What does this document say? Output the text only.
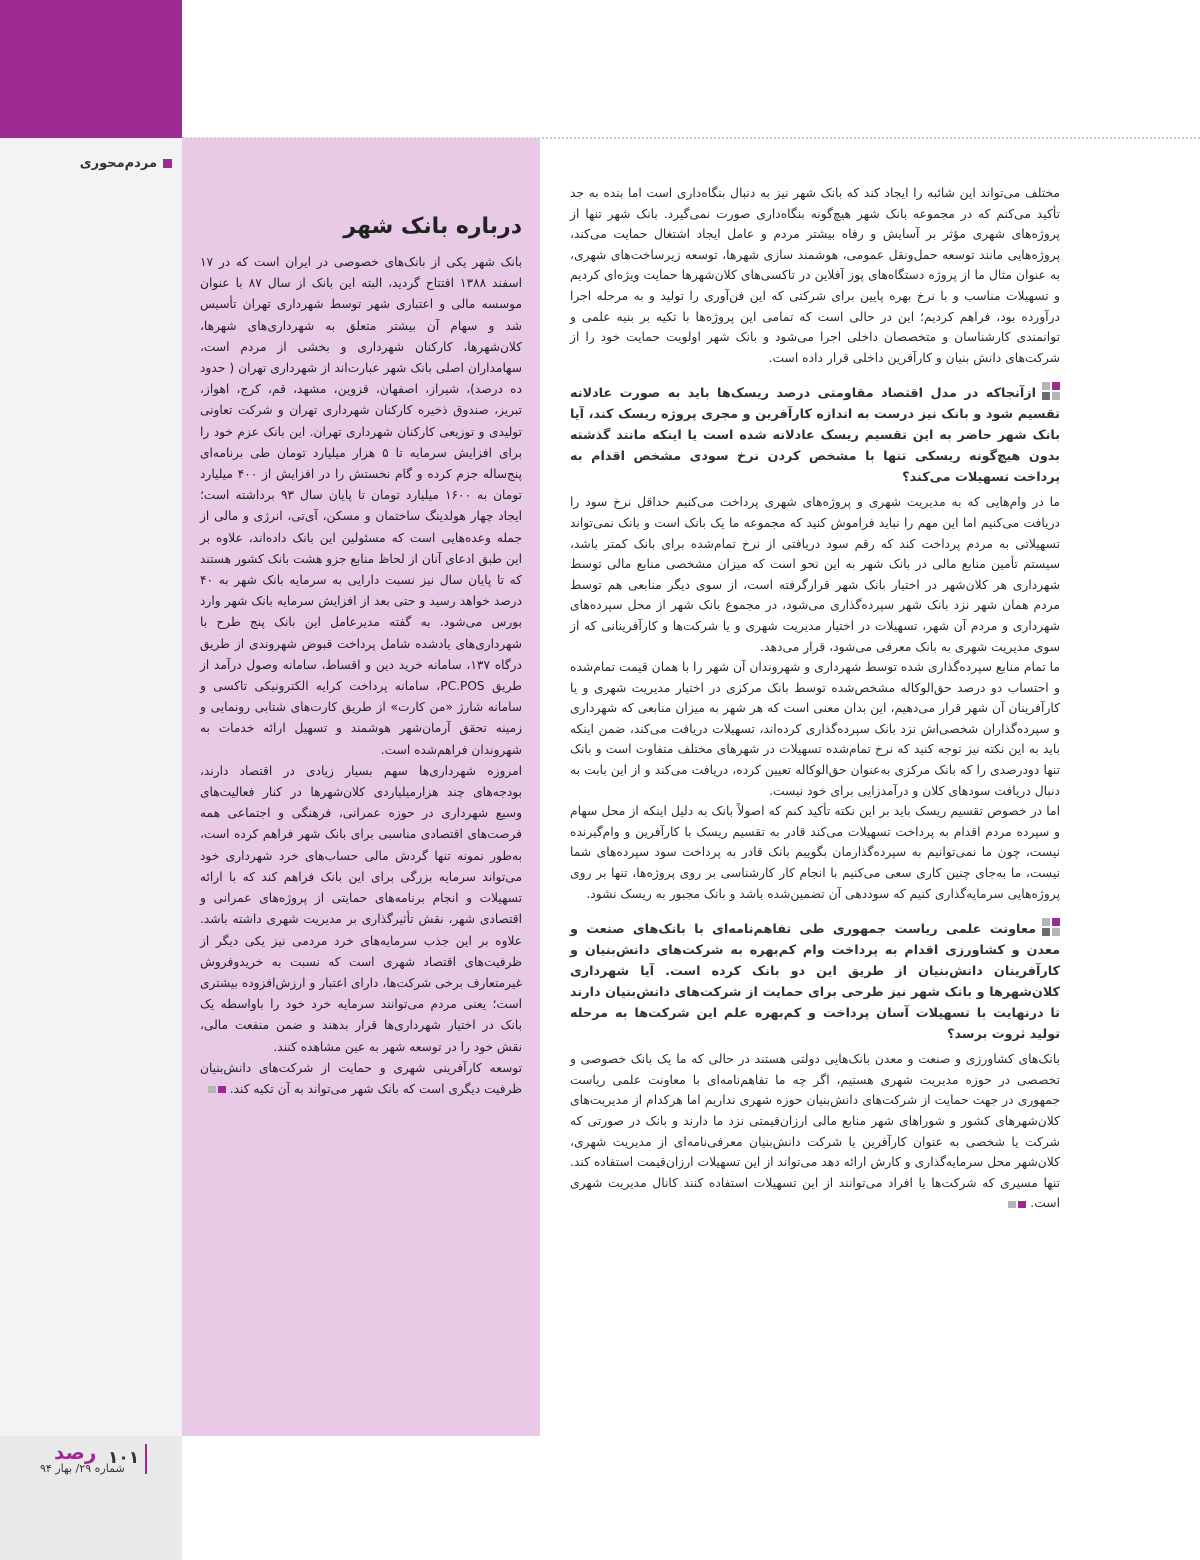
مردم‌محوری
درباره بانک شهر

بانک شهر یکی از بانک‌های خصوصی در ایران است که در ۱۷ اسفند ۱۳۸۸ افتتاح گردید، البته این بانک از سال ۸۷ با عنوان موسسه مالی و اعتباری شهر توسط شهرداری تهران تأسیس شد و سهام آن بیشتر متعلق به شهرداری‌های شهرها، کلان‌شهرها، کارکنان شهرداری و بخشی از مردم است، سهامداران اصلی بانک شهر عبارت‌اند از شهرداری تهران ( حدود ده درصد)، شیراز، اصفهان، قزوین، مشهد، قم، کرج، اهواز، تبریز، صندوق ذخیره کارکنان شهرداری تهران و شرکت تعاونی تولیدی و توزیعی کارکنان شهرداری تهران. این بانک عزم خود را برای افزایش سرمایه تا ۵ هزار میلیارد تومان طی برنامه‌ای پنج‌ساله جزم کرده و گام نخستش را در افزایش از ۴۰۰ میلیارد تومان به ۱۶۰۰ میلیارد تومان تا پایان سال ۹۳ برداشته است؛ ایجاد چهار هولدینگ ساختمان و مسکن، آی‌تی، انرژی و مالی از جمله وعده‌هایی است که مسئولین این بانک داده‌اند، علاوه بر این طبق ادعای آنان از لحاظ منابع جزو هشت بانک کشور هستند که تا پایان سال نیز نسبت دارایی به سرمایه بانک شهر به ۴۰ درصد خواهد رسید و حتی بعد از افزایش سرمایه بانک شهر وارد بورس می‌شود. به گفته مدیرعامل این بانک پنج طرح با شهرداری‌های یادشده شامل پرداخت قبوض شهروندی از طریق درگاه ۱۳۷، سامانه خرید دین و اقساط، سامانه وصول درآمد از طریق PC.POS، سامانه پرداخت کرایه الکترونیکی تاکسی و سامانه شارژ «من کارت» از طریق کارت‌های شتابی رونمایی و زمینه تحقق آرمان‌شهر هوشمند و تسهیل ارائه خدمات به شهروندان فراهم‌شده است.

امروزه شهرداری‌ها سهم بسیار زیادی در اقتصاد دارند، بودجه‌های چند هزارمیلیاردی کلان‌شهرها در کنار فعالیت‌های وسیع شهرداری در حوزه عمرانی، فرهنگی و اجتماعی همه فرصت‌های اقتصادی مناسبی برای بانک شهر فراهم کرده است، به‌طور نمونه تنها گردش مالی حساب‌های خرد شهرداری خود می‌تواند سرمایه بزرگی برای این بانک فراهم کند که با ارائه تسهیلات و انجام برنامه‌های حمایتی از پروژه‌های عمرانی و اقتصادی شهر، نقش تأثیرگذاری بر مدیریت شهری داشته باشد. علاوه بر این جذب سرمایه‌های خرد مردمی نیز یکی دیگر از ظرفیت‌های اقتصاد شهری است که نسبت به خریدوفروش غیرمتعارف برخی شرکت‌ها، دارای اعتبار و ارزش‌افزوده بیشتری است؛ یعنی مردم می‌توانند سرمایه خرد خود را باواسطه یک بانک در اختیار شهرداری‌ها قرار بدهند و ضمن منفعت مالی، نقش خود را در توسعه شهر به عین مشاهده کنند.

توسعه کارآفرینی شهری و حمایت از شرکت‌های دانش‌بنیان ظرفیت دیگری است که بانک شهر می‌تواند به آن تکیه کند.

مختلف می‌تواند این شائبه را ایجاد کند که بانک شهر نیز به دنبال بنگاه‌داری است اما بنده به جد تأکید می‌کنم که در مجموعه بانک شهر هیچ‌گونه بنگاه‌داری صورت نمی‌گیرد. بانک شهر تنها از پروژه‌های شهری مؤثر بر آسایش و رفاه بیشتر مردم و عامل ایجاد اشتغال حمایت می‌کند، پروژه‌هایی مانند توسعه حمل‌ونقل عمومی، هوشمند سازی شهرها، توسعه زیرساخت‌های شهری، به عنوان مثال ما از پروژه دستگاه‌های پوز آفلاین در تاکسی‌های کلان‌شهرها حمایت ویژه‌ای کردیم و تسهیلات مناسب و با نرخ بهره پایین برای شرکتی که این فن‌آوری را تولید و به مرحله اجرا درآورده بود، فراهم کردیم؛ این در حالی است که تمامی این پروژه‌ها با تکیه بر بنیه علمی و توانمندی کارشناسان و متخصصان داخلی اجرا می‌شود و بانک شهر اولویت حمایت خود را از شرکت‌های دانش بنیان و کارآفرین داخلی قرار داده است.

ازآنجاکه در مدل اقتصاد مقاومتی درصد ریسک‌ها باید به صورت عادلانه تقسیم شود و بانک نیز درست به اندازه کارآفرین و مجری پروژه ریسک کند، آیا بانک شهر حاضر به این تقسیم ریسک عادلانه شده است یا اینکه مانند گذشته بدون هیچ‌گونه ریسکی تنها با مشخص کردن نرخ سودی مشخص اقدام به پرداخت تسهیلات می‌کند؟

ما در وام‌هایی که به مدیریت شهری و پروژه‌های شهری پرداخت می‌کنیم حداقل نرخ سود را دریافت می‌کنیم اما این مهم را نباید فراموش کنید که مجموعه ما یک بانک است و بانک نمی‌تواند تسهیلاتی به مردم پرداخت کند که رقم سود دریافتی از نرخ تمام‌شده برای بانک کمتر باشد، سیستم تأمین منابع مالی در بانک شهر به این نحو است که میزان مشخصی منابع مالی توسط شهرداری هر کلان‌شهر در اختیار بانک شهر قرارگرفته است، از سوی دیگر منابعی هم توسط مردم همان شهر نزد بانک شهر سپرده‌گذاری می‌شود، در مجموع بانک شهر از محل سپرده‌های شهرداری و مردم آن شهر، تسهیلات در اختیار مدیریت شهری و یا شرکت‌ها و کارآفرینانی که از سوی مدیریت شهری به بانک معرفی می‌شود، قرار می‌دهد.

ما تمام منابع سپرده‌گذاری شده توسط شهرداری و شهروندان آن شهر را با همان قیمت تمام‌شده و احتساب دو درصد حق‌الوکاله مشخص‌شده توسط بانک مرکزی در اختیار مدیریت شهری و یا کارآفرینان آن شهر قرار می‌دهیم، این بدان معنی است که هر شهر به میزان منابعی که شهرداری و سپرده‌گذاران شخصی‌اش نزد بانک سپرده‌گذاری کرده‌اند، تسهیلات دریافت می‌کند، ضمن اینکه باید به این نکته نیز توجه کنید که نرخ تمام‌شده تسهیلات در شهرهای مختلف متفاوت است و بانک تنها دودرصدی را که بانک مرکزی به‌عنوان حق‌الوکاله تعیین کرده، دریافت می‌کند و از این بابت به دنبال دریافت سودهای کلان و درآمدزایی برای خود نیست.

اما در خصوص تقسیم ریسک باید بر این نکته تأکید کنم که اصولاً بانک به دلیل اینکه از محل سهام و سپرده مردم اقدام به پرداخت تسهیلات می‌کند قادر به تقسیم ریسک با کارآفرین و وام‌گیرنده نیست، چون ما نمی‌توانیم به سپرده‌گذارمان بگوییم بانک قادر به پرداخت سود سپرده‌های شما نیست، ما به‌جای چنین کاری سعی می‌کنیم با انجام کار کارشناسی بر روی پروژه‌ها، تنها بر روی پروژه‌هایی سرمایه‌گذاری کنیم که سوددهی آن تضمین‌شده باشد و بانک مجبور به ریسک نشود.

معاونت علمی ریاست جمهوری طی تفاهم‌نامه‌ای با بانک‌های صنعت و معدن و کشاورزی اقدام به پرداخت وام کم‌بهره به شرکت‌های دانش‌بنیان و کارآفرینان دانش‌بنیان از طریق این دو بانک کرده است. آیا شهرداری کلان‌شهرها و بانک شهر نیز طرحی برای حمایت از شرکت‌های دانش‌بنیان دارند تا درنهایت با تسهیلات آسان پرداخت و کم‌بهره علم این شرکت‌ها به مرحله تولید ثروت برسد؟

بانک‌های کشاورزی و صنعت و معدن بانک‌هایی دولتی هستند در حالی که ما یک بانک خصوصی و تخصصی در حوزه مدیریت شهری هستیم، اگر چه ما تفاهم‌نامه‌ای با معاونت علمی ریاست جمهوری در جهت حمایت از شرکت‌های دانش‌بنیان حوزه شهری نداریم اما هرکدام از مدیریت‌های کلان‌شهرهای کشور و شوراهای شهر منابع مالی ارزان‌قیمتی نزد ما دارند و بانک در صورتی که شرکت یا شخصی به عنوان کارآفرین یا شرکت دانش‌بنیان معرفی‌نامه‌ای از مدیریت شهری، کلان‌شهر محل سرمایه‌گذاری و کارش ارائه دهد می‌تواند از این تسهیلات ارزان‌قیمت استفاده کند. تنها مسیری که شرکت‌ها یا افراد می‌توانند از این تسهیلات استفاده کنند کانال مدیریت شهری است.

۱۰۱
رصد
شماره ۲۹/ بهار ۹۴
